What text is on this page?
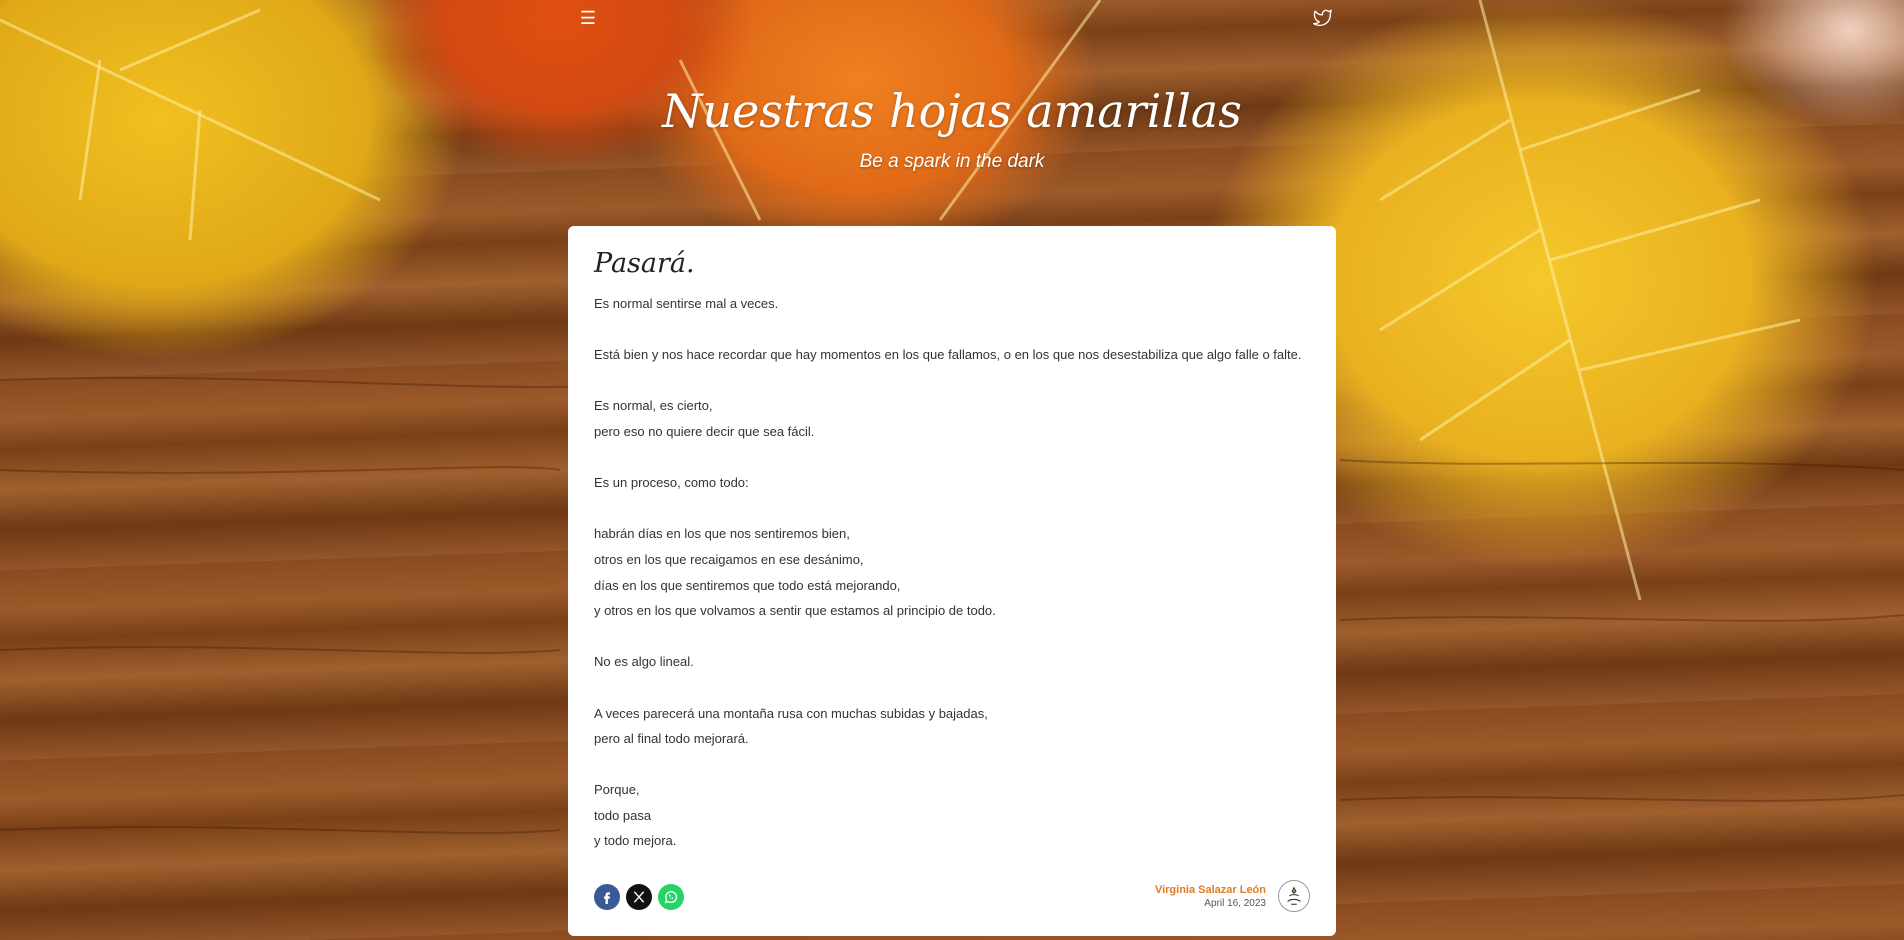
☰
Nuestras hojas amarillas
Be a spark in the dark
Pasará.

Es normal sentirse mal a veces.

Está bien y nos hace recordar que hay momentos en los que fallamos, o en los que nos desestabiliza que algo falle o falte.

Es normal, es cierto,

pero eso no quiere decir que sea fácil.

Es un proceso, como todo:

habrán días en los que nos sentiremos bien,

otros en los que recaigamos en ese desánimo,

días en los que sentiremos que todo está mejorando,

y otros en los que volvamos a sentir que estamos al principio de todo.

No es algo lineal.

A veces parecerá una montaña rusa con muchas subidas y bajadas,

pero al final todo mejorará.

Porque,

todo pasa

y todo mejora.

Virginia Salazar León
April 16, 2023
